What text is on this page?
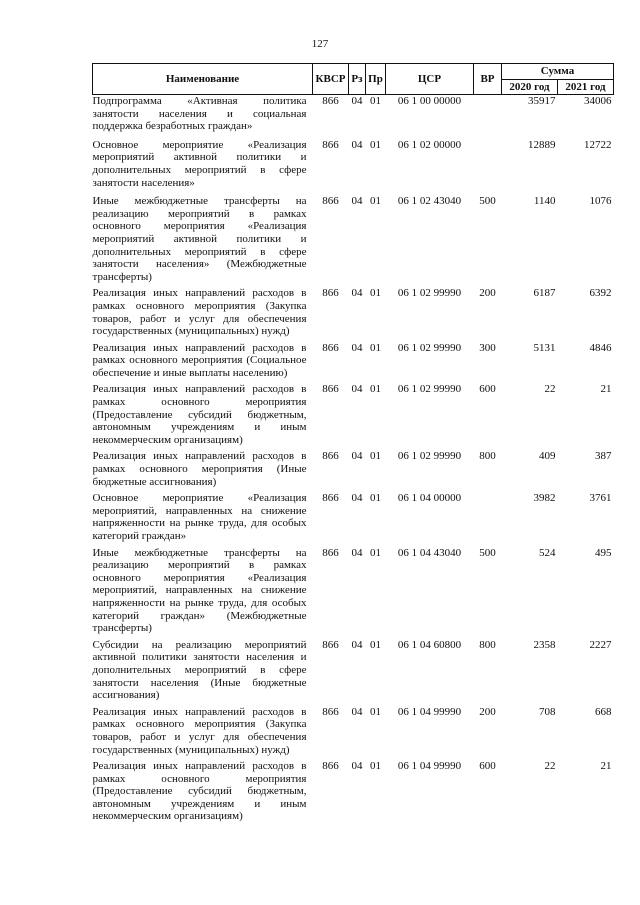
127
Наименование	КВСР	Рз	Пр	ЦСР	ВР	Сумма	
						2020 год	2021 год
Подпрограмма «Активная политика занятости населения и социальная поддержка безработных граждан»	866	04	01	06 1 00 00000		35917	34006
Основное мероприятие «Реализация мероприятий активной политики и дополнительных мероприятий в сфере занятости населения»	866	04	01	06 1 02 00000		12889	12722
Иные межбюджетные трансферты на реализацию мероприятий в рамках основного мероприятия «Реализация мероприятий активной политики и дополнительных мероприятий в сфере занятости населения» (Межбюджетные трансферты)	866	04	01	06 1 02 43040	500	1140	1076
Реализация иных направлений расходов в рамках основного мероприятия (Закупка товаров, работ и услуг для обеспечения государственных (муниципальных) нужд)	866	04	01	06 1 02 99990	200	6187	6392
Реализация иных направлений расходов в рамках основного мероприятия (Социальное обеспечение и иные выплаты населению)	866	04	01	06 1 02 99990	300	5131	4846
Реализация иных направлений расходов в рамках основного мероприятия (Предоставление субсидий бюджетным, автономным учреждениям и иным некоммерческим организациям)	866	04	01	06 1 02 99990	600	22	21
Реализация иных направлений расходов в рамках основного мероприятия (Иные бюджетные ассигнования)	866	04	01	06 1 02 99990	800	409	387
Основное мероприятие «Реализация мероприятий, направленных на снижение напряженности на рынке труда, для особых категорий граждан»	866	04	01	06 1 04 00000		3982	3761
Иные межбюджетные трансферты на реализацию мероприятий в рамках основного мероприятия «Реализация мероприятий, направленных на снижение напряженности на рынке труда, для особых категорий граждан» (Межбюджетные трансферты)	866	04	01	06 1 04 43040	500	524	495
Субсидии на реализацию мероприятий активной политики занятости населения и дополнительных мероприятий в сфере занятости населения (Иные бюджетные ассигнования)	866	04	01	06 1 04 60800	800	2358	2227
Реализация иных направлений расходов в рамках основного мероприятия (Закупка товаров, работ и услуг для обеспечения государственных (муниципальных) нужд)	866	04	01	06 1 04 99990	200	708	668
Реализация иных направлений расходов в рамках основного мероприятия (Предоставление субсидий бюджетным, автономным учреждениям и иным некоммерческим организациям)	866	04	01	06 1 04 99990	600	22	21
